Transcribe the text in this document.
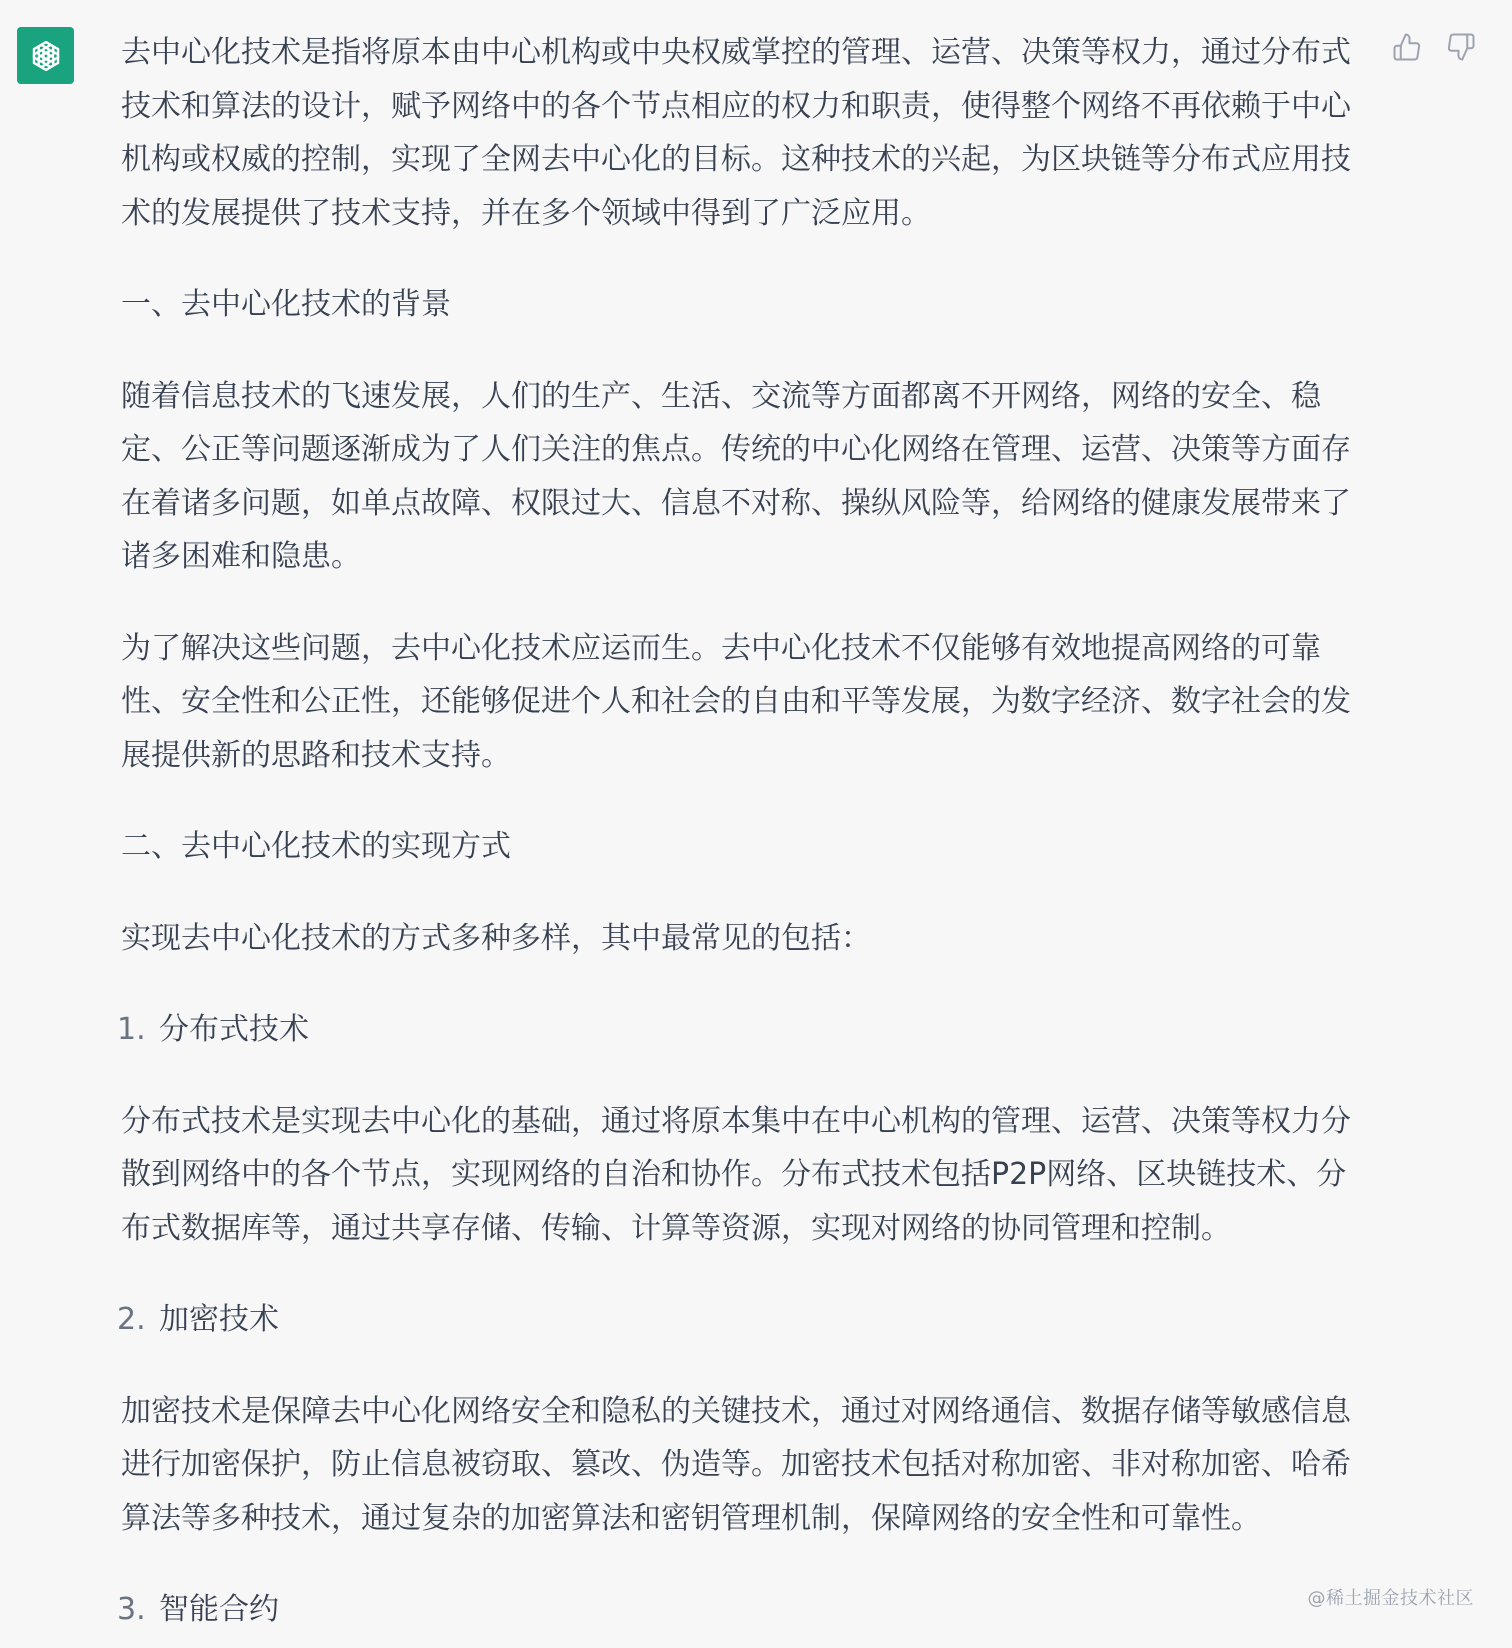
去中心化技术是指将原本由中心机构或中央权威掌控的管理、运营、决策等权力，通过分布式技术和算法的设计，赋予网络中的各个节点相应的权力和职责，使得整个网络不再依赖于中心机构或权威的控制，实现了全网去中心化的目标。这种技术的兴起，为区块链等分布式应用技术的发展提供了技术支持，并在多个领域中得到了广泛应用。

一、去中心化技术的背景

随着信息技术的飞速发展，人们的生产、生活、交流等方面都离不开网络，网络的安全、稳定、公正等问题逐渐成为了人们关注的焦点。传统的中心化网络在管理、运营、决策等方面存在着诸多问题，如单点故障、权限过大、信息不对称、操纵风险等，给网络的健康发展带来了诸多困难和隐患。

为了解决这些问题，去中心化技术应运而生。去中心化技术不仅能够有效地提高网络的可靠性、安全性和公正性，还能够促进个人和社会的自由和平等发展，为数字经济、数字社会的发展提供新的思路和技术支持。

二、去中心化技术的实现方式

实现去中心化技术的方式多种多样，其中最常见的包括：

1. 分布式技术

分布式技术是实现去中心化的基础，通过将原本集中在中心机构的管理、运营、决策等权力分散到网络中的各个节点，实现网络的自治和协作。分布式技术包括P2P网络、区块链技术、分布式数据库等，通过共享存储、传输、计算等资源，实现对网络的协同管理和控制。

2. 加密技术

加密技术是保障去中心化网络安全和隐私的关键技术，通过对网络通信、数据存储等敏感信息进行加密保护，防止信息被窃取、篡改、伪造等。加密技术包括对称加密、非对称加密、哈希算法等多种技术，通过复杂的加密算法和密钥管理机制，保障网络的安全性和可靠性。

3. 智能合约	@稀土掘金技术社区
